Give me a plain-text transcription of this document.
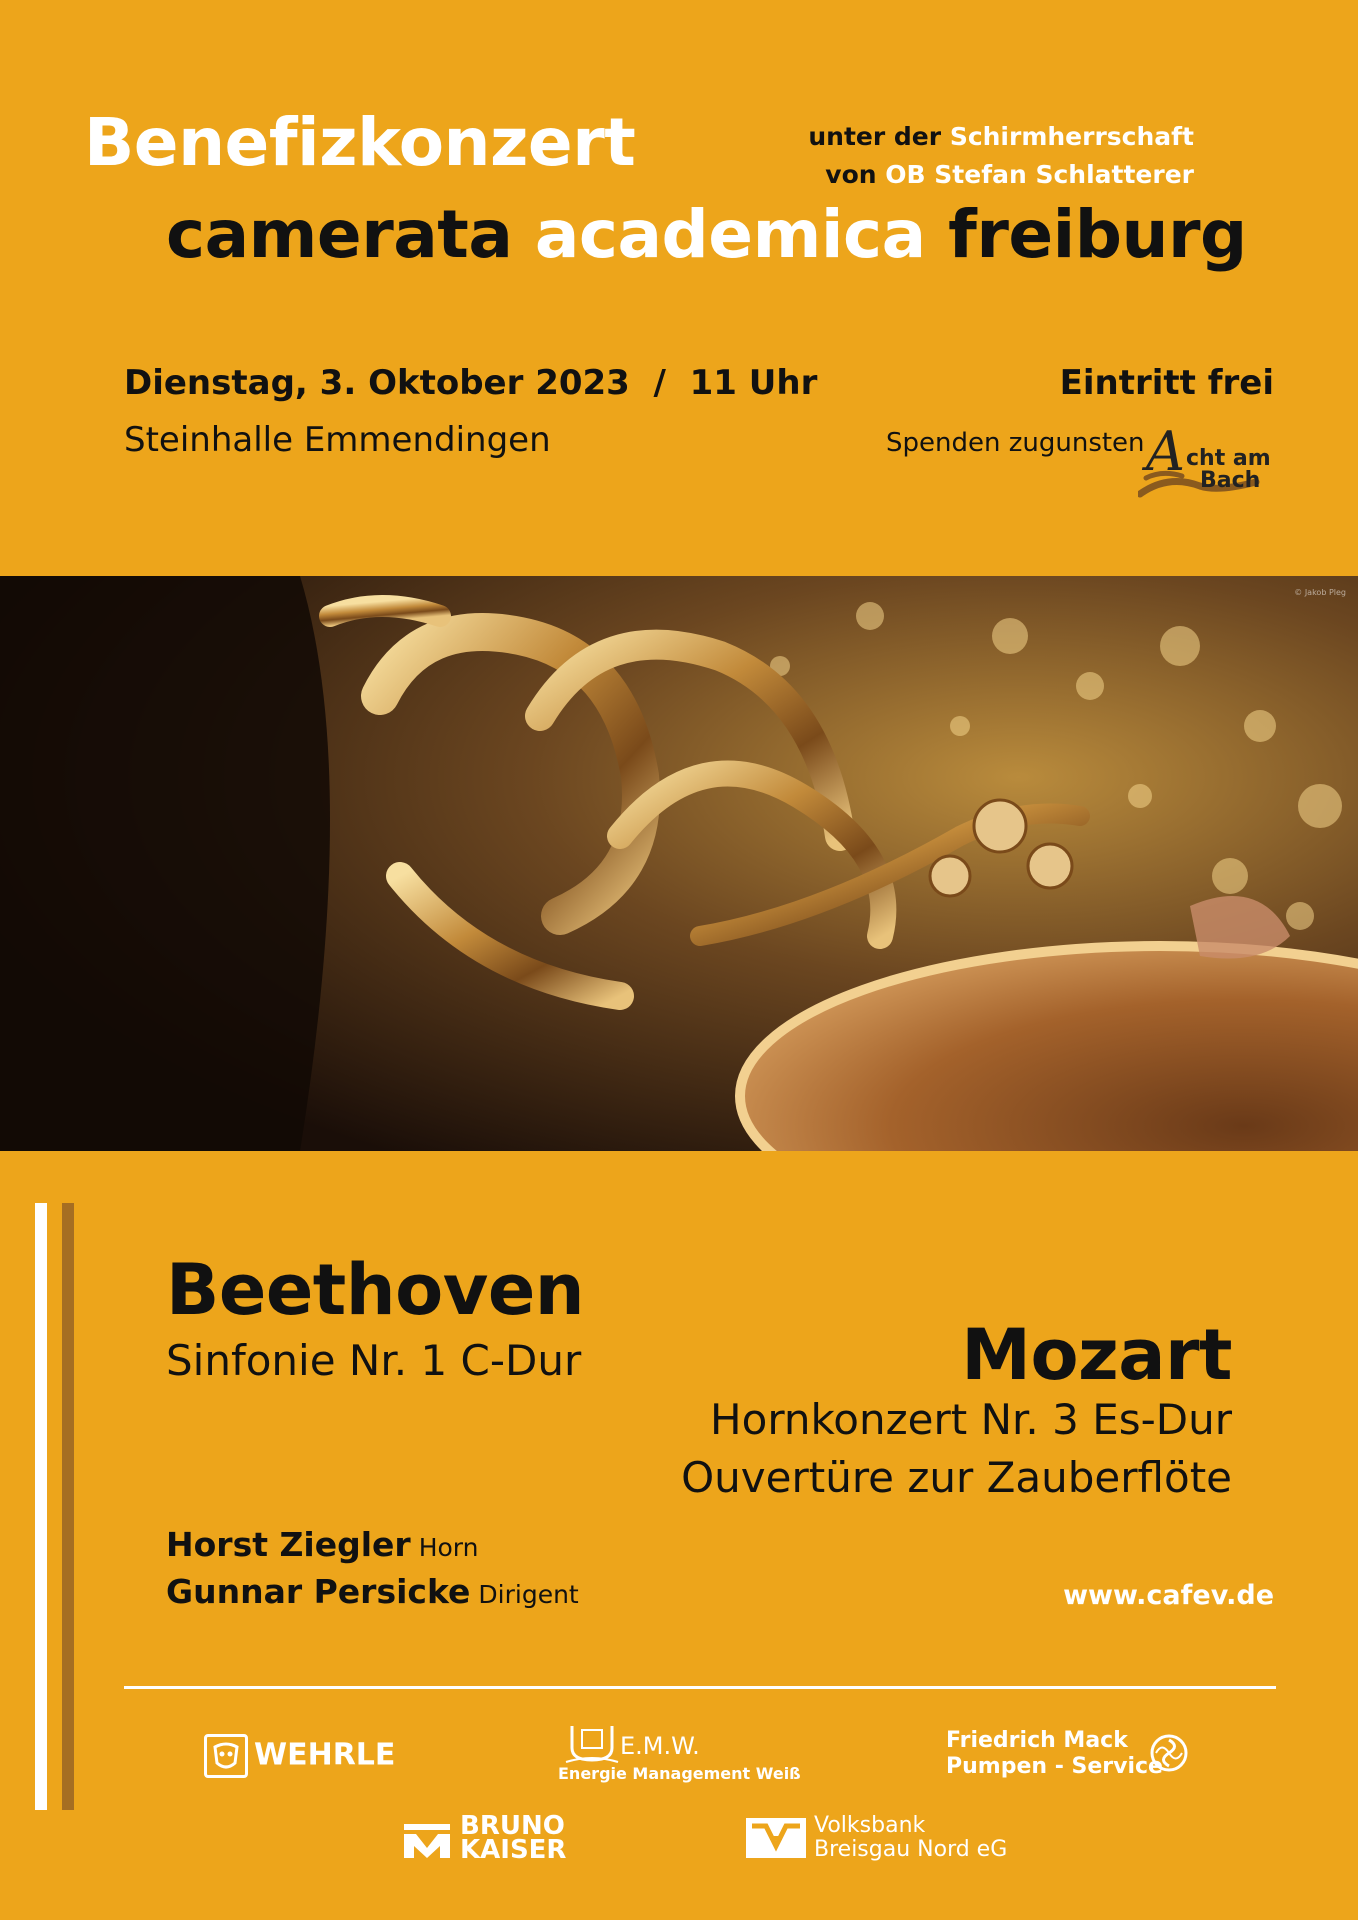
Benefizkonzert	unter der Schirmherrschaft
von OB Stefan Schlatterer
camerata academica freiburg
Dienstag, 3. Oktober 2023  /  11 Uhr
Steinhalle Emmendingen
Eintritt frei
Spenden zugunsten A cht am
Bach
© Jakob Pleg
Beethoven
Sinfonie Nr. 1 C-Dur	Mozart
Hornkonzert Nr. 3 Es-Dur
Ouvertüre zur Zauberflöte
Horst Ziegler Horn
Gunnar Persicke Dirigent	www.cafev.de
WEHRLE	E.M.W.
Energie Management Weiß
Friedrich Mack
Pumpen - Service
BRUNO
KAISER
Volksbank
Breisgau Nord eG
